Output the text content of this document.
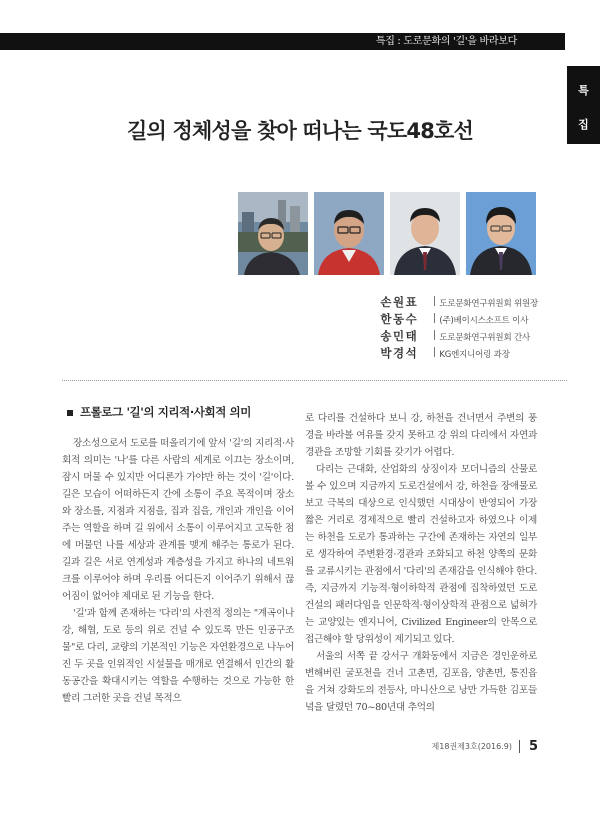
특집 : 도로문화의 '길'을 바라보다
특
집
길의 정체성을 찾아 떠나는 국도48호선
손원표	도로문화연구위원회 위원장
한동수	(주)베이시스소프트 이사
송민태	도로문화연구위원회 간사
박경석	KG엔지니어링 과장
프롤로그 '길'의 지리적·사회적 의미

장소성으로서 도로를 떠올리기에 앞서 '길'의 지리적·사회적 의미는 '나'를 다른 사람의 세계로 이끄는 장소이며, 잠시 머물 수 있지만 어디론가 가야만 하는 것이 '길'이다. 길은 모습이 어떠하든지 간에 소통이 주요 목적이며 장소와 장소를, 지점과 지점을, 집과 집을, 개인과 개인을 이어주는 역할을 하며 길 위에서 소통이 이루어지고 고독한 점에 머물던 나를 세상과 관계를 맺게 해주는 통로가 된다. 길과 길은 서로 연계성과 계층성을 가지고 하나의 네트워크를 이루어야 하며 우리를 어디든지 이어주기 위해서 끊어짐이 없어야 제대로 된 기능을 한다.

'길'과 함께 존재하는 '다리'의 사전적 정의는 "계곡이나 강, 해협, 도로 등의 위로 건널 수 있도록 만든 인공구조물"로 다리, 교량의 기본적인 기능은 자연환경으로 나누어진 두 곳을 인위적인 시설물을 매개로 연결해서 인간의 활동공간을 확대시키는 역할을 수행하는 것으로 가능한 한 빨리 그러한 곳을 건널 목적으

로 다리를 건설하다 보니 강, 하천을 건너면서 주변의 풍경을 바라볼 여유를 갖지 못하고 강 위의 다리에서 자연과 경관을 조망할 기회를 갖기가 어렵다.

다리는 근대화, 산업화의 상징이자 모더니즘의 산물로 볼 수 있으며 지금까지 도로건설에서 강, 하천을 장애물로 보고 극복의 대상으로 인식했던 시대상이 반영되어 가장 짧은 거리로 경제적으로 빨리 건설하고자 하였으나 이제는 하천을 도로가 통과하는 구간에 존재하는 자연의 일부로 생각하여 주변환경·경관과 조화되고 하천 양쪽의 문화를 교류시키는 관점에서 '다리'의 존재감을 인식해야 한다. 즉, 지금까지 기능적·형이하학적 관점에 집착하였던 도로건설의 패러다임을 인문학적·형이상학적 관점으로 넓혀가는 교양있는 엔지니어, Civilized Engineer의 안목으로 접근해야 할 당위성이 제기되고 있다.

서울의 서쪽 끝 강서구 개화동에서 지금은 경인운하로 변해버린 굴포천을 건너 고촌면, 김포읍, 양촌면, 통진읍을 거쳐 강화도의 전등사, 마니산으로 낭만 가득한 김포들녘을 달렸던 70~80년대 추억의

제18권제3호(2016.9) 5
